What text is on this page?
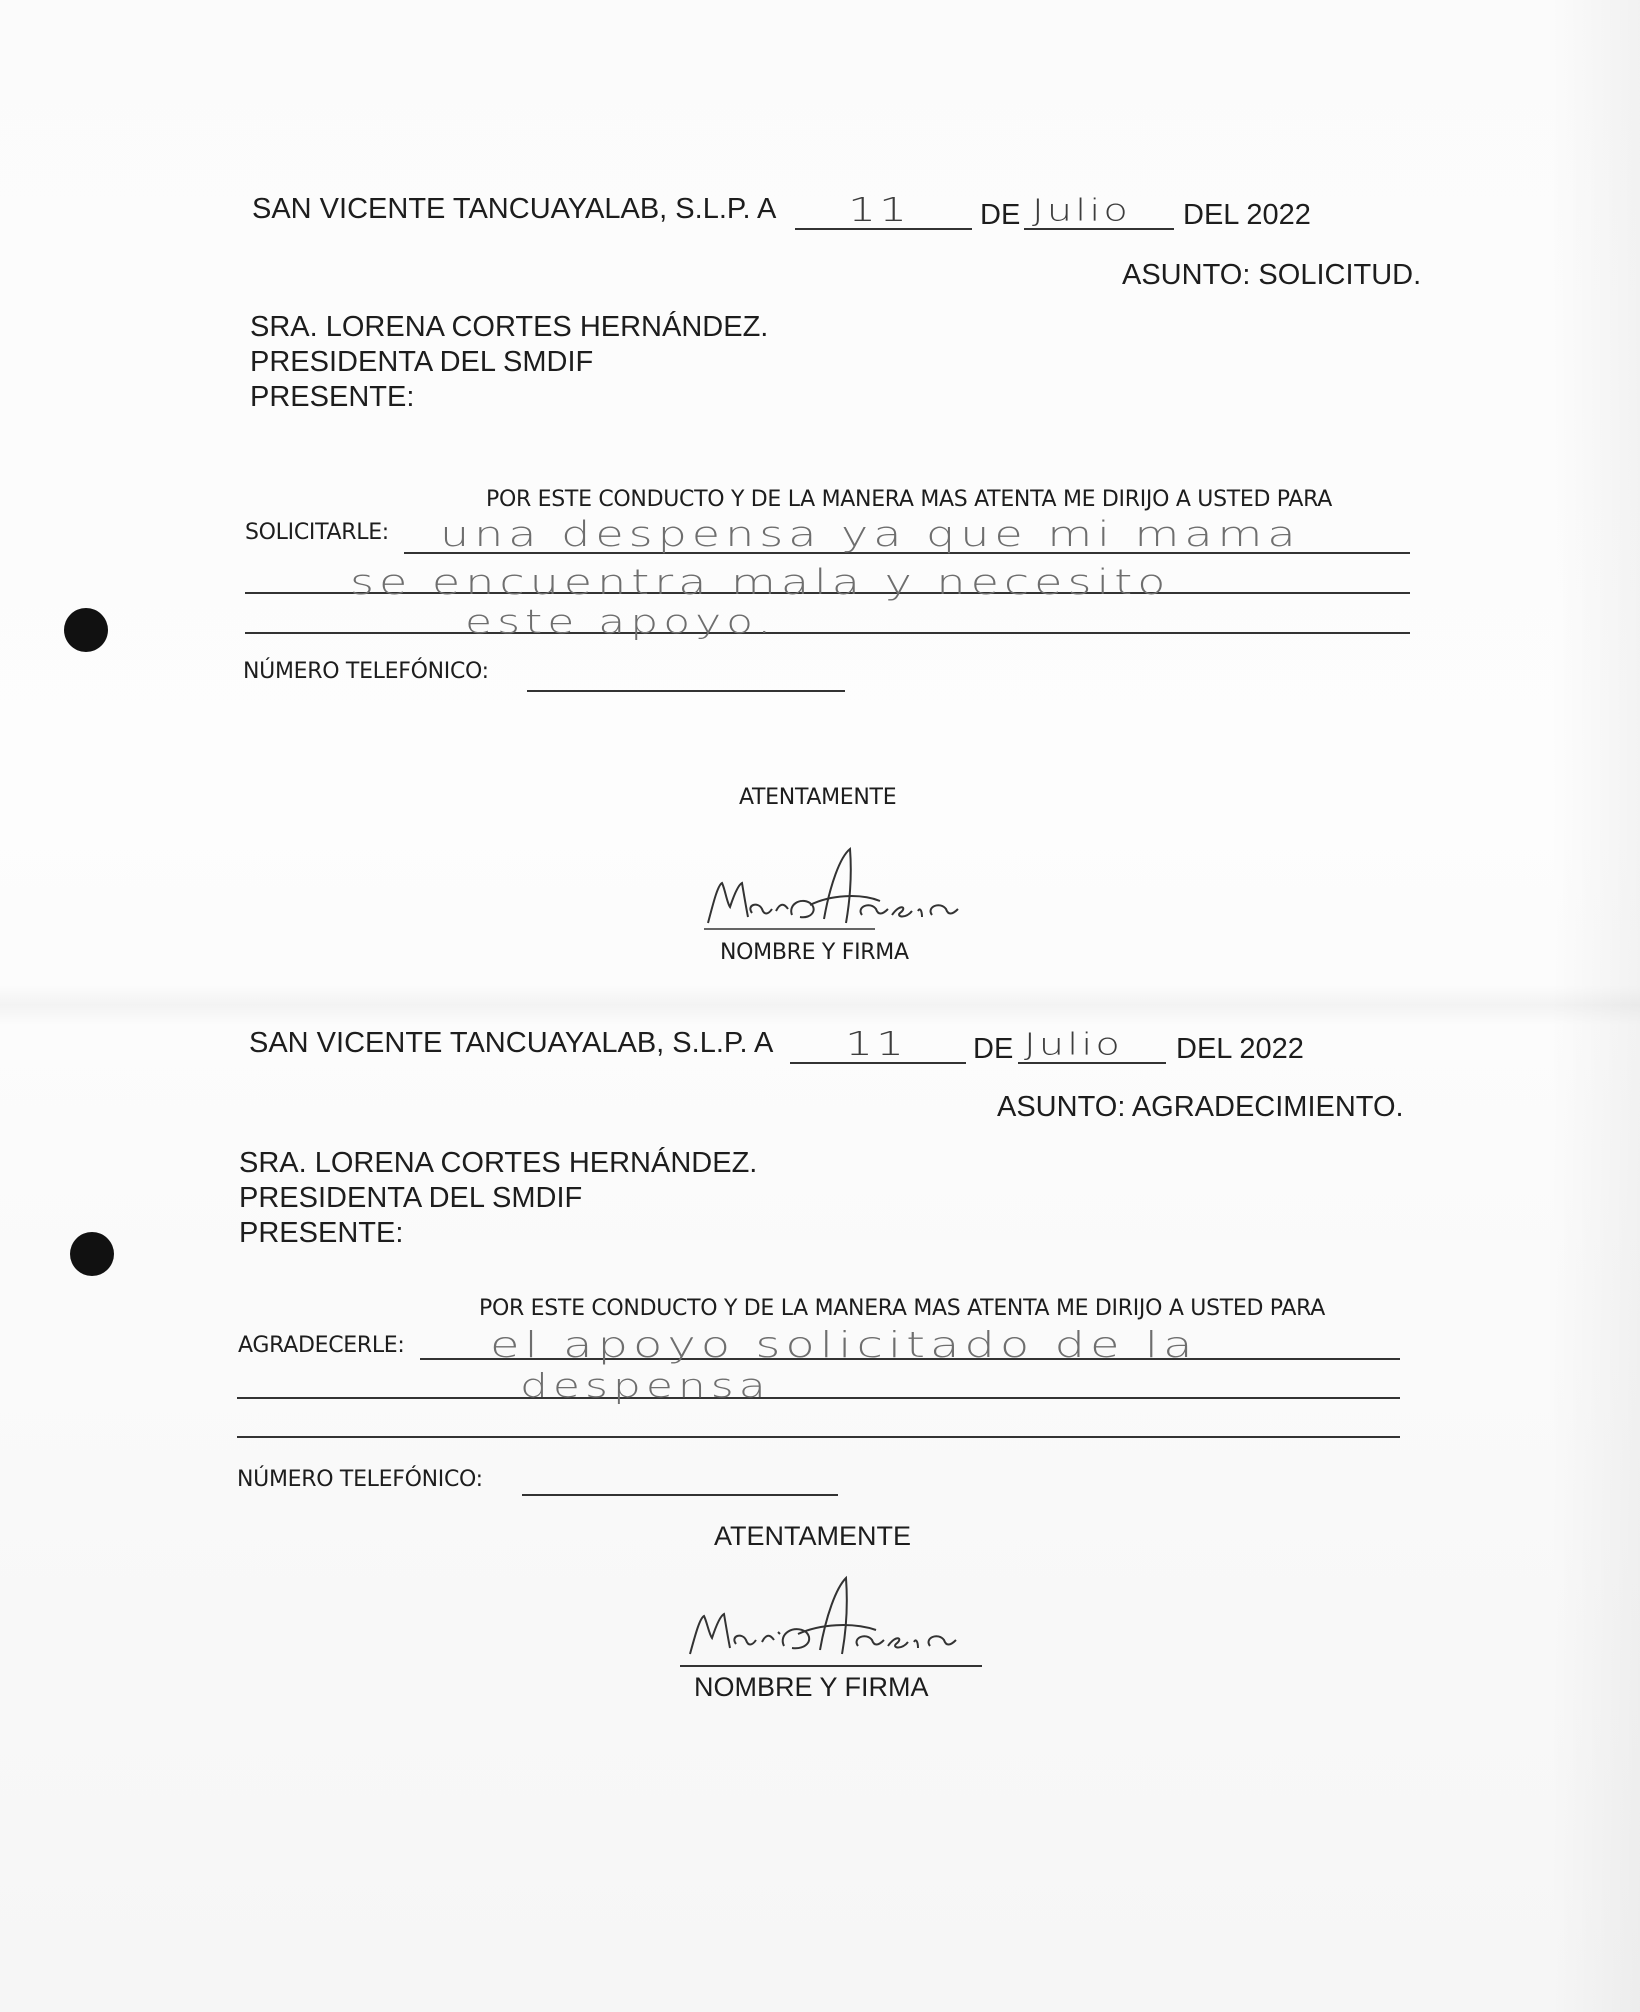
SAN VICENTE TANCUAYALAB, S.L.P. A 11 DE Julio DEL 2022
ASUNTO: SOLICITUD.
SRA. LORENA CORTES HERNÁNDEZ.
PRESIDENTA DEL SMDIF
PRESENTE:
POR ESTE CONDUCTO Y DE LA MANERA MAS ATENTA ME DIRIJO A USTED PARA
SOLICITARLE: una despensa ya que mi mama
se encuentra mala y necesito
este apoyo.
NÚMERO TELEFÓNICO:
ATENTAMENTE
NOMBRE Y FIRMA
SAN VICENTE TANCUAYALAB, S.L.P. A 11 DE Julio DEL 2022
ASUNTO: AGRADECIMIENTO.
SRA. LORENA CORTES HERNÁNDEZ.
PRESIDENTA DEL SMDIF
PRESENTE:
POR ESTE CONDUCTO Y DE LA MANERA MAS ATENTA ME DIRIJO A USTED PARA
AGRADECERLE: el apoyo solicitado de la
despensa
NÚMERO TELEFÓNICO:
ATENTAMENTE
NOMBRE Y FIRMA
